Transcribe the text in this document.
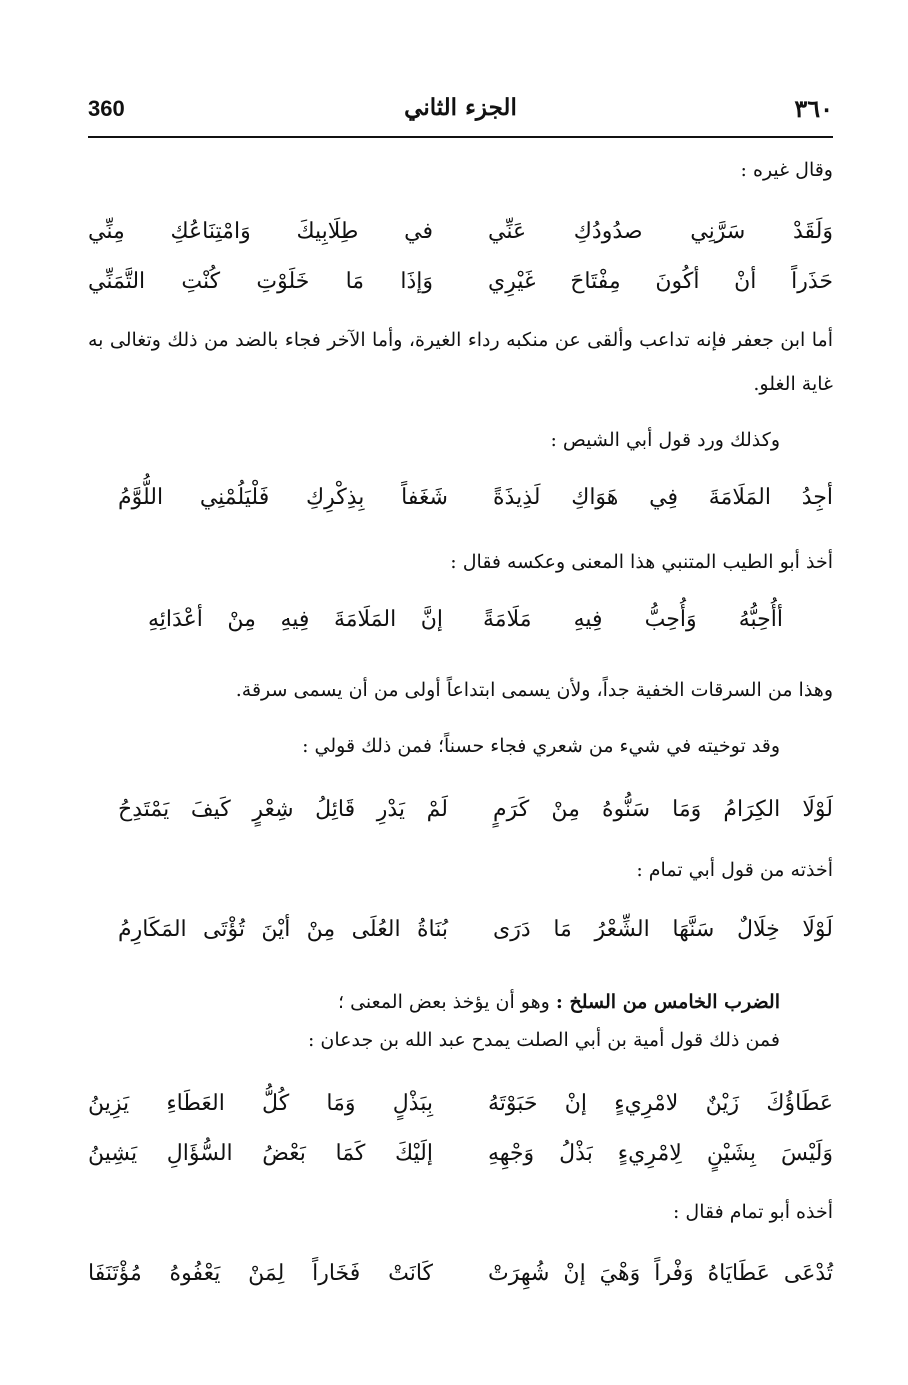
٣٦٠
الجزء الثاني
360
وقال غيره :
وَلَقَدْ سَرَّنِي صدُودُكِ عَنِّي
في طِلَابِيكَ وَامْتِنَاعُكِ مِنِّي
حَذَراً أنْ أكُونَ مِفْتَاحَ غَيْرِي
وَإذَا مَا خَلَوْتِ كُنْتِ التَّمَنِّي
أما ابن جعفر فإنه تداعب وألقى عن منكبه رداء الغيرة، وأما الآخر فجاء بالضد من ذلك وتغالى به غاية الغلو.
وكذلك ورد قول أبي الشيص :
أجِدُ المَلَامَةَ فِي هَوَاكِ لَذِيذَةً
شَغَفاً بِذِكْرِكِ فَلْيَلُمْنِي اللُّوَّمُ
أخذ أبو الطيب المتنبي هذا المعنى وعكسه فقال :
أأُحِبُّهُ وَأُحِبُّ فِيهِ مَلَامَةً
إنَّ المَلَامَةَ فِيهِ مِنْ أعْدَائِهِ
وهذا من السرقات الخفية جداً، ولأن يسمى ابتداعاً أولى من أن يسمى سرقة.
وقد توخيته في شيء من شعري فجاء حسناً؛ فمن ذلك قولي :
لَوْلَا الكِرَامُ وَمَا سَنُّوهُ مِنْ كَرَمٍ
لَمْ يَدْرِ قَائِلُ شِعْرٍ كَيفَ يَمْتَدِحُ
أخذته من قول أبي تمام :
لَوْلَا خِلَالٌ سَنَّهَا الشِّعْرُ مَا دَرَى
بُنَاةُ العُلَى مِنْ أيْنَ تُؤْتَى المَكَارِمُ
الضرب الخامس من السلخ : وهو أن يؤخذ بعض المعنى ؛
فمن ذلك قول أمية بن أبي الصلت يمدح عبد الله بن جدعان :
عَطَاؤُكَ زَيْنٌ لامْرِيءٍ إنْ حَبَوْتَهُ
بِبَذْلٍ وَمَا كُلُّ العَطَاءِ يَزِينُ
وَلَيْسَ بِشَيْنٍ لِامْرِيءٍ بَذْلُ وَجْهِهِ
إلَيْكَ كَمَا بَعْضُ السُّؤَالِ يَشِينُ
أخذه أبو تمام فقال :
تُدْعَى عَطَايَاهُ وَفْراً وَهْيَ إنْ شُهِرَتْ
كَانَتْ فَخَاراً لِمَنْ يَعْفُوهُ مُؤْتَنَفَا
